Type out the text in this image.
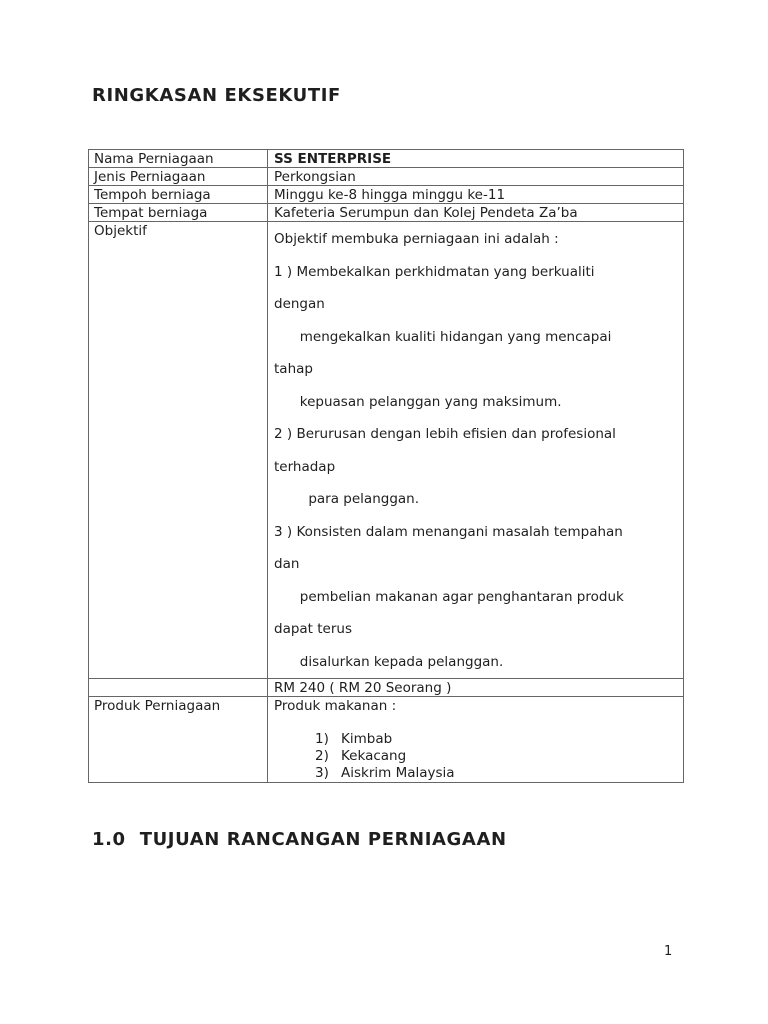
RINGKASAN EKSEKUTIF
Nama Perniagaan	SS ENTERPRISE
Jenis Perniagaan	Perkongsian
Tempoh berniaga	Minggu ke-8 hingga minggu ke-11
Tempat berniaga	Kafeteria Serumpun dan Kolej Pendeta Za’ba
Objektif	Objektif membuka perniagaan ini adalah :
1 ) Membekalkan perkhidmatan yang berkualiti
dengan
mengekalkan kualiti hidangan yang mencapai
tahap
kepuasan pelanggan yang maksimum.
2 ) Berurusan dengan lebih efisien dan profesional
terhadap
para pelanggan.
3 ) Konsisten dalam menangani masalah tempahan
dan
pembelian makanan agar penghantaran produk
dapat terus
disalurkan kepada pelanggan.

	RM 240 ( RM 20 Seorang )
Produk Perniagaan	Produk makanan :
1) Kimbab
2) Kekacang
3) Aiskrim Malaysia
1.0 TUJUAN RANCANGAN PERNIAGAAN
1
